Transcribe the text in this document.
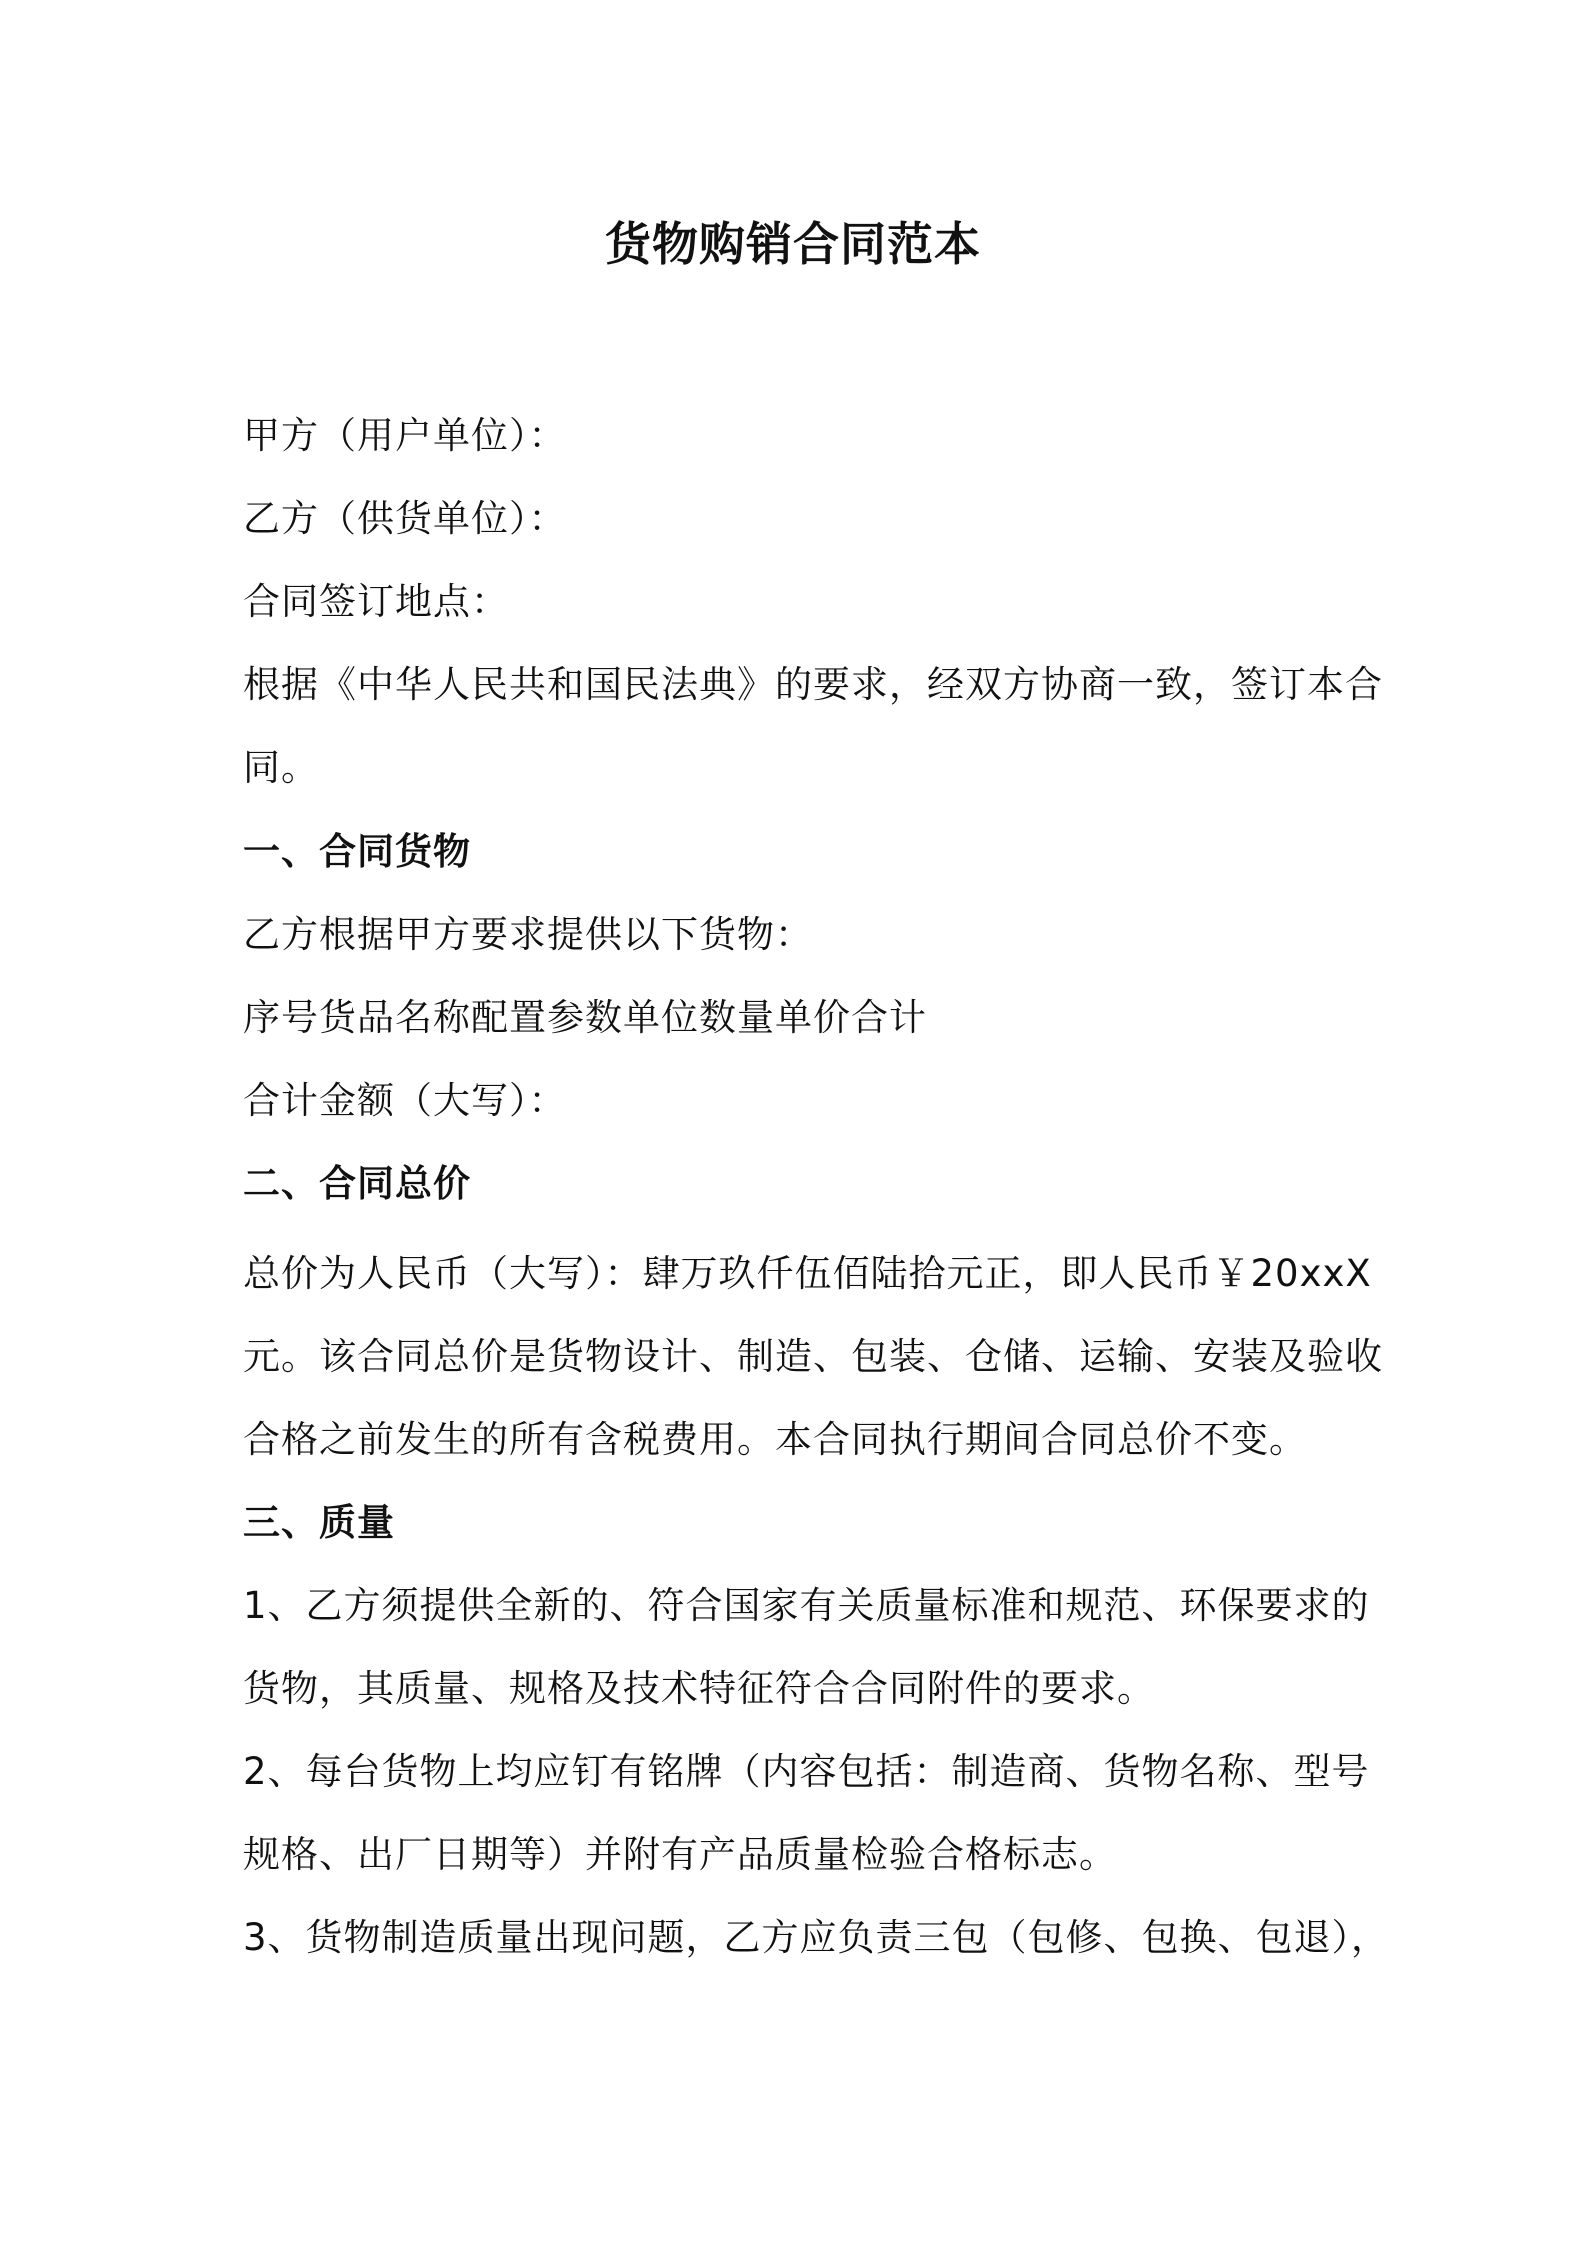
货物购销合同范本

甲方（用户单位）：

乙方（供货单位）：

合同签订地点：

根据《中华人民共和国民法典》的要求，经双方协商一致，签订本合

同。

一、合同货物

乙方根据甲方要求提供以下货物：

序号货品名称配置参数单位数量单价合计

合计金额（大写）：

二、合同总价

总价为人民币（大写）：肆万玖仟伍佰陆拾元正，即人民币￥20xxX

元。该合同总价是货物设计、制造、包装、仓储、运输、安装及验收

合格之前发生的所有含税费用。本合同执行期间合同总价不变。

三、质量

1、乙方须提供全新的、符合国家有关质量标准和规范、环保要求的

货物，其质量、规格及技术特征符合合同附件的要求。

2、每台货物上均应钉有铭牌（内容包括：制造商、货物名称、型号

规格、出厂日期等）并附有产品质量检验合格标志。

3、货物制造质量出现问题，乙方应负责三包（包修、包换、包退），
